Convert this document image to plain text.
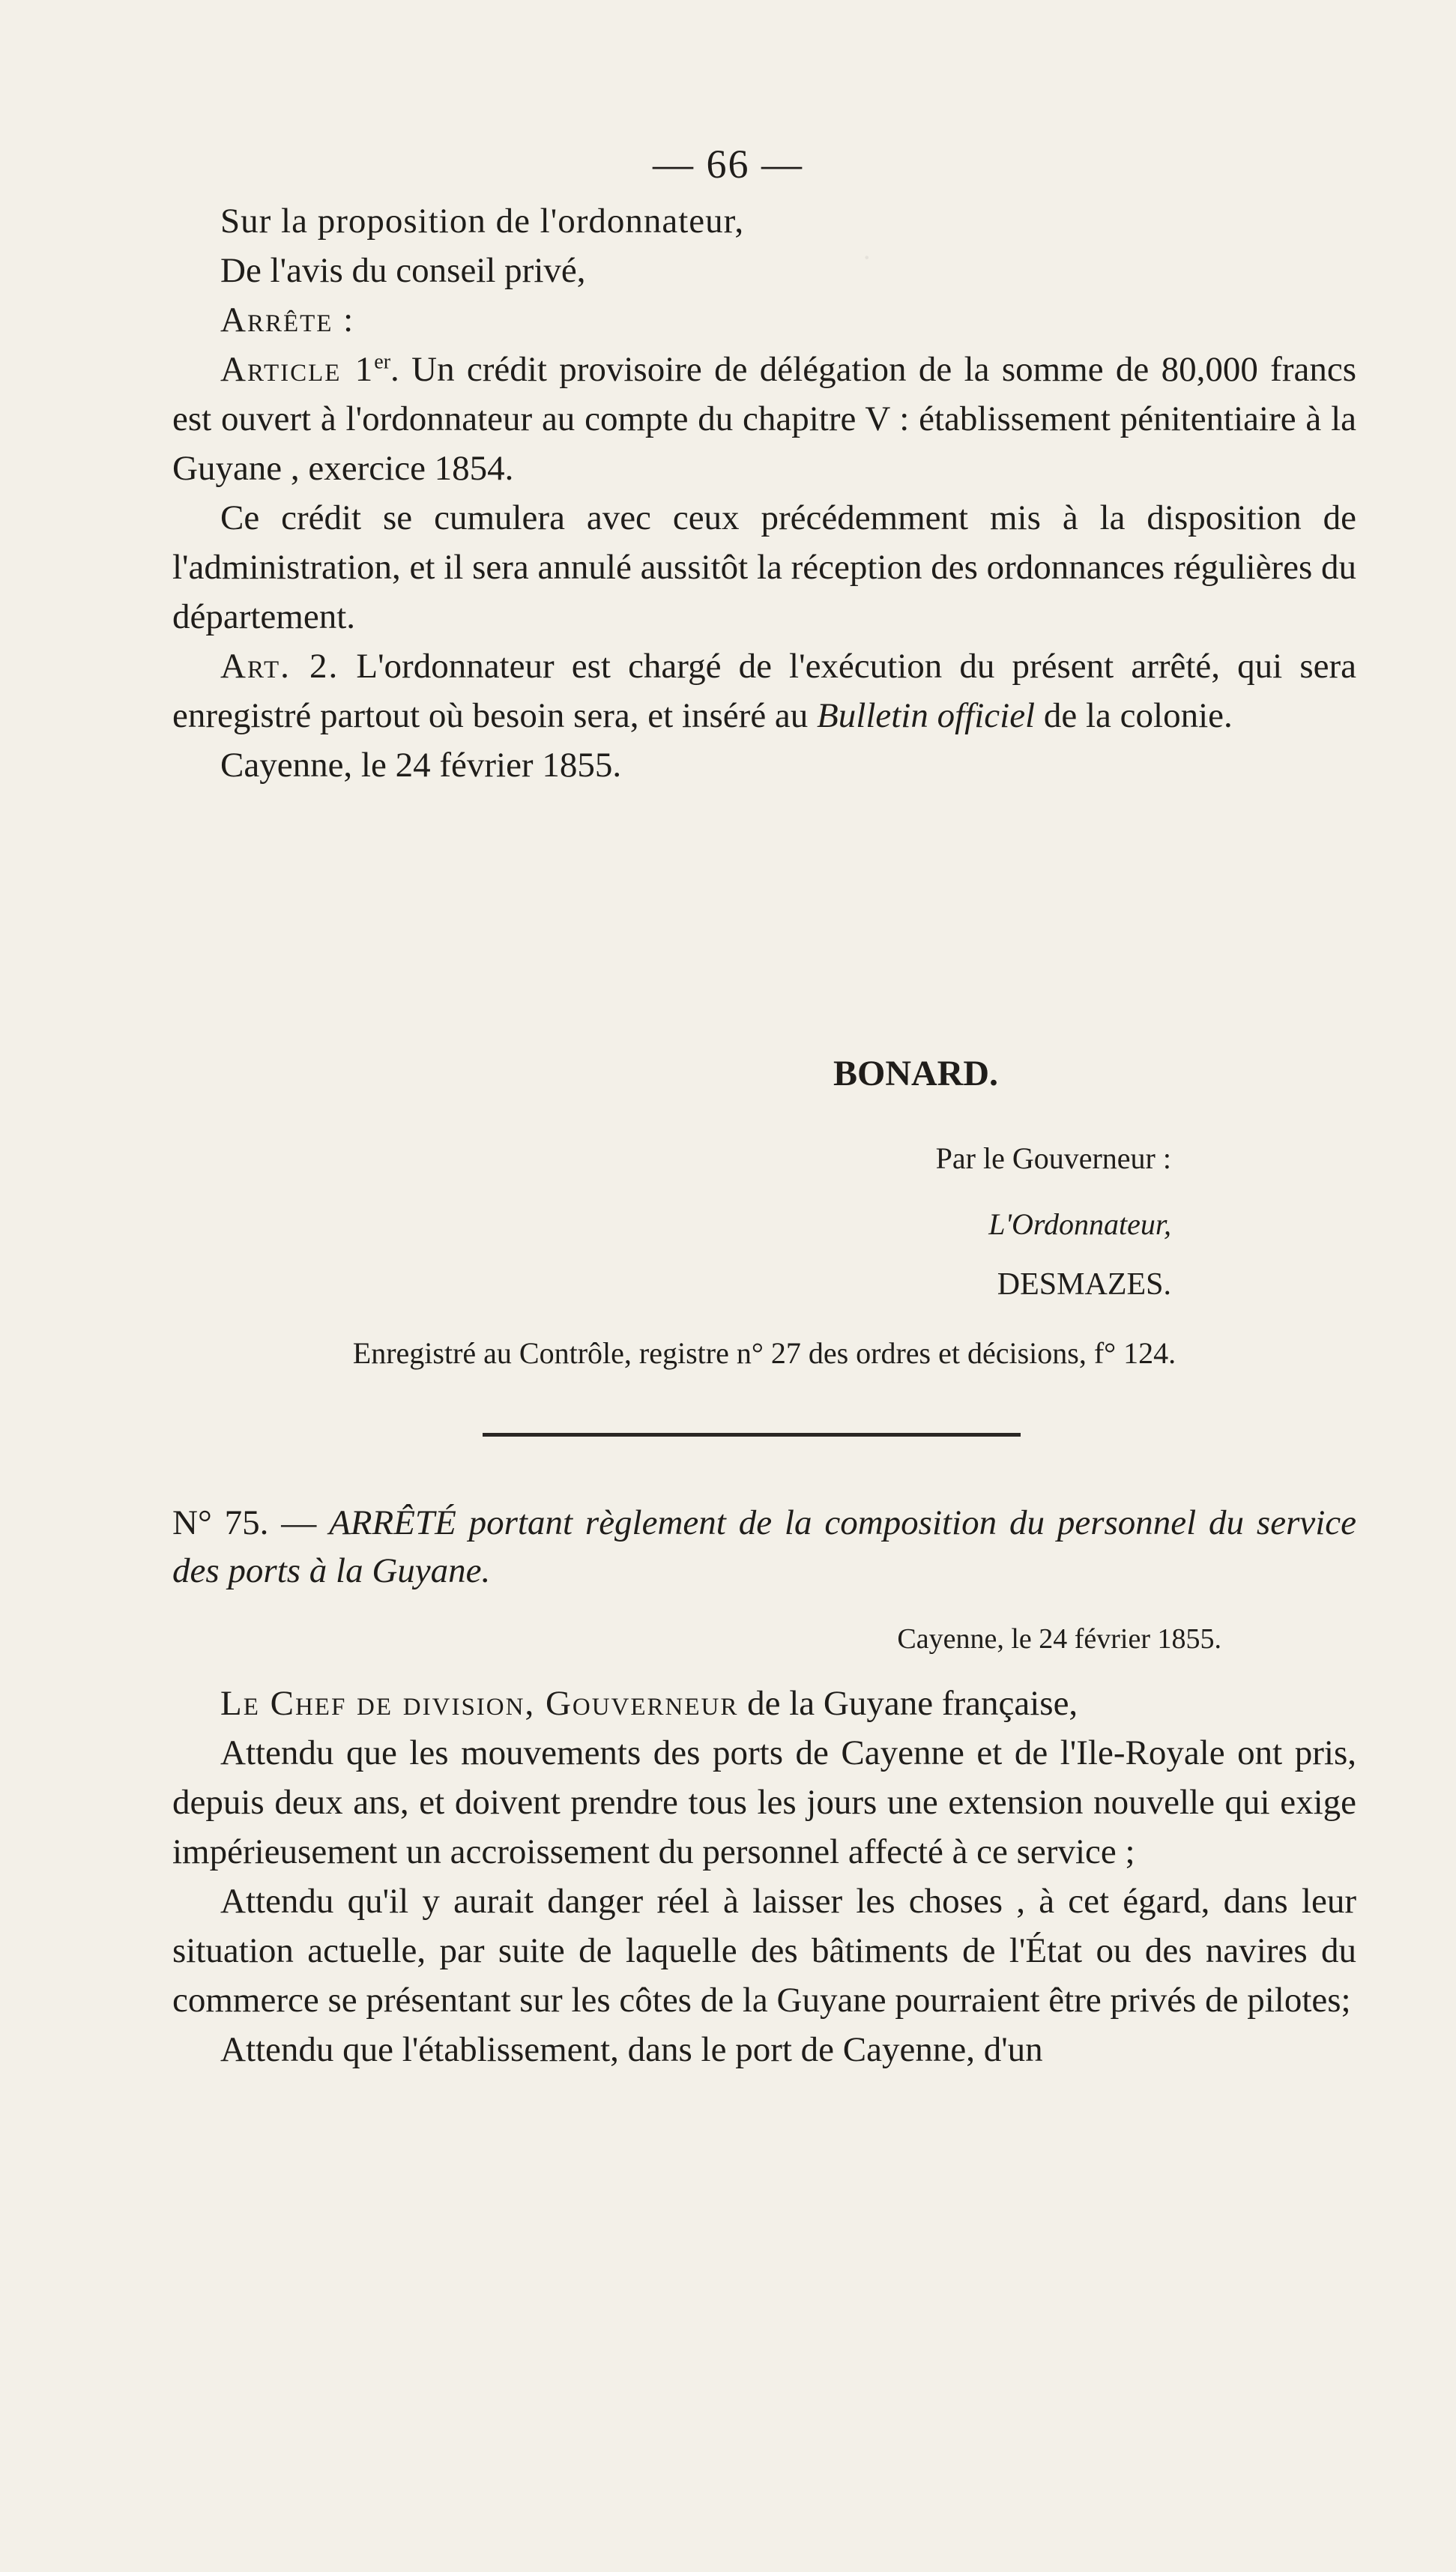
·
— 66 —

Sur la proposition de l'ordonnateur,

De l'avis du conseil privé,

Arrête :

Article 1er. Un crédit provisoire de délégation de la somme de 80,000 francs est ouvert à l'ordonnateur au compte du chapitre V : établissement pénitentiaire à la Guyane , exercice 1854.

Ce crédit se cumulera avec ceux précédemment mis à la disposition de l'administration, et il sera annulé aussitôt la réception des ordonnances régulières du département.

Art. 2. L'ordonnateur est chargé de l'exécution du présent arrêté, qui sera enregistré partout où besoin sera, et inséré au Bulletin officiel de la colonie.

Cayenne, le 24 février 1855.

BONARD.
Par le Gouverneur :
L'Ordonnateur,
DESMAZES.
Enregistré au Contrôle, registre n° 27 des ordres et décisions, f° 124.
N° 75. — ARRÊTÉ portant règlement de la composition du personnel du service des ports à la Guyane.
Cayenne, le 24 février 1855.

Le Chef de division, Gouverneur de la Guyane française,

Attendu que les mouvements des ports de Cayenne et de l'Ile-Royale ont pris, depuis deux ans, et doivent prendre tous les jours une extension nouvelle qui exige impérieusement un accroissement du personnel affecté à ce service ;

Attendu qu'il y aurait danger réel à laisser les choses , à cet égard, dans leur situation actuelle, par suite de laquelle des bâtiments de l'État ou des navires du commerce se présentant sur les côtes de la Guyane pourraient être privés de pilotes;

Attendu que l'établissement, dans le port de Cayenne, d'un
